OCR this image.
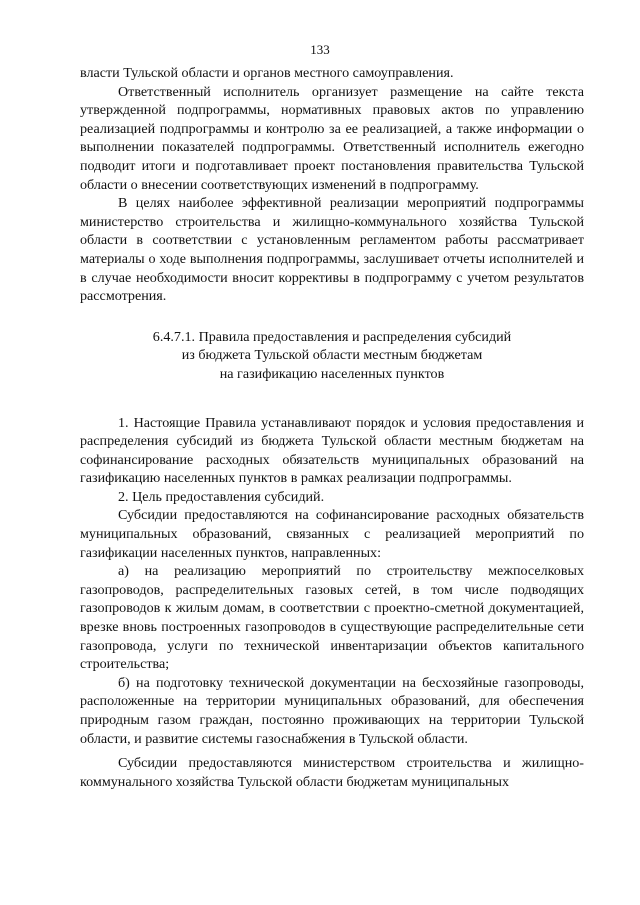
133

власти Тульской области и органов местного самоуправления.

Ответственный исполнитель организует размещение на сайте текста утвержденной подпрограммы, нормативных правовых актов по управлению реализацией подпрограммы и контролю за ее реализацией, а также информации о выполнении показателей подпрограммы. Ответственный исполнитель ежегодно подводит итоги и подготавливает проект постановления правительства Тульской области о внесении соответствующих изменений в подпрограмму.

В целях наиболее эффективной реализации мероприятий подпрограммы министерство строительства и жилищно-коммунального хозяйства Тульской области в соответствии с установленным регламентом работы рассматривает материалы о ходе выполнения подпрограммы, заслушивает отчеты исполнителей и в случае необходимости вносит коррективы в подпрограмму с учетом результатов рассмотрения.

6.4.7.1. Правила предоставления и распределения субсидий
из бюджета Тульской области местным бюджетам
на газификацию населенных пунктов

1. Настоящие Правила устанавливают порядок и условия предоставления и распределения субсидий из бюджета Тульской области местным бюджетам на софинансирование расходных обязательств муниципальных образований на газификацию населенных пунктов в рамках реализации подпрограммы.

2. Цель предоставления субсидий.

Субсидии предоставляются на софинансирование расходных обязательств муниципальных образований, связанных с реализацией мероприятий по газификации населенных пунктов, направленных:

а) на реализацию мероприятий по строительству межпоселковых газопроводов, распределительных газовых сетей, в том числе подводящих газопроводов к жилым домам, в соответствии с проектно-сметной документацией, врезке вновь построенных газопроводов в существующие распределительные сети газопровода, услуги по технической инвентаризации объектов капитального строительства;

б) на подготовку технической документации на бесхозяйные газопроводы, расположенные на территории муниципальных образований, для обеспечения природным газом граждан, постоянно проживающих на территории Тульской области, и развитие системы газоснабжения в Тульской области.

Субсидии предоставляются министерством строительства и жилищно-коммунального хозяйства Тульской области бюджетам муниципальных
